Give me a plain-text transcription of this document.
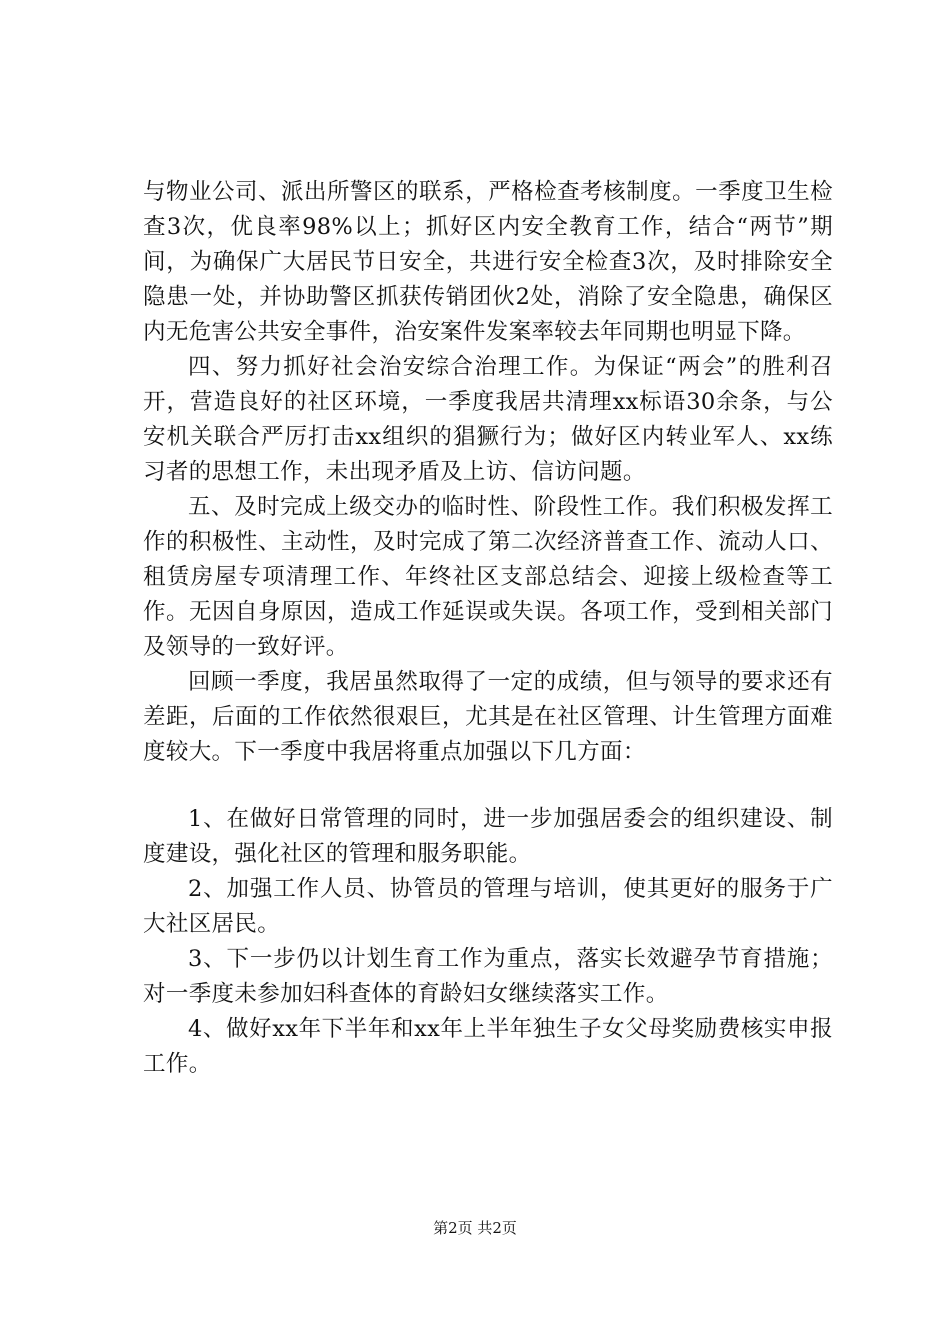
与物业公司、派出所警区的联系，严格检查考核制度。一季度卫生检查3次，优良率98%以上；抓好区内安全教育工作，结合“两节”期间，为确保广大居民节日安全，共进行安全检查3次，及时排除安全隐患一处，并协助警区抓获传销团伙2处，消除了安全隐患，确保区内无危害公共安全事件，治安案件发案率较去年同期也明显下降。

四、努力抓好社会治安综合治理工作。为保证“两会”的胜利召开，营造良好的社区环境，一季度我居共清理xx标语30余条，与公安机关联合严厉打击xx组织的猖獗行为；做好区内转业军人、xx练习者的思想工作，未出现矛盾及上访、信访问题。

五、及时完成上级交办的临时性、阶段性工作。我们积极发挥工作的积极性、主动性，及时完成了第二次经济普查工作、流动人口、租赁房屋专项清理工作、年终社区支部总结会、迎接上级检查等工作。无因自身原因，造成工作延误或失误。各项工作，受到相关部门及领导的一致好评。

回顾一季度，我居虽然取得了一定的成绩，但与领导的要求还有差距，后面的工作依然很艰巨，尤其是在社区管理、计生管理方面难度较大。下一季度中我居将重点加强以下几方面：

1、在做好日常管理的同时，进一步加强居委会的组织建设、制度建设，强化社区的管理和服务职能。

2、加强工作人员、协管员的管理与培训，使其更好的服务于广大社区居民。

3、下一步仍以计划生育工作为重点，落实长效避孕节育措施；对一季度未参加妇科查体的育龄妇女继续落实工作。

4、做好xx年下半年和xx年上半年独生子女父母奖励费核实申报工作。

第2页 共2页
